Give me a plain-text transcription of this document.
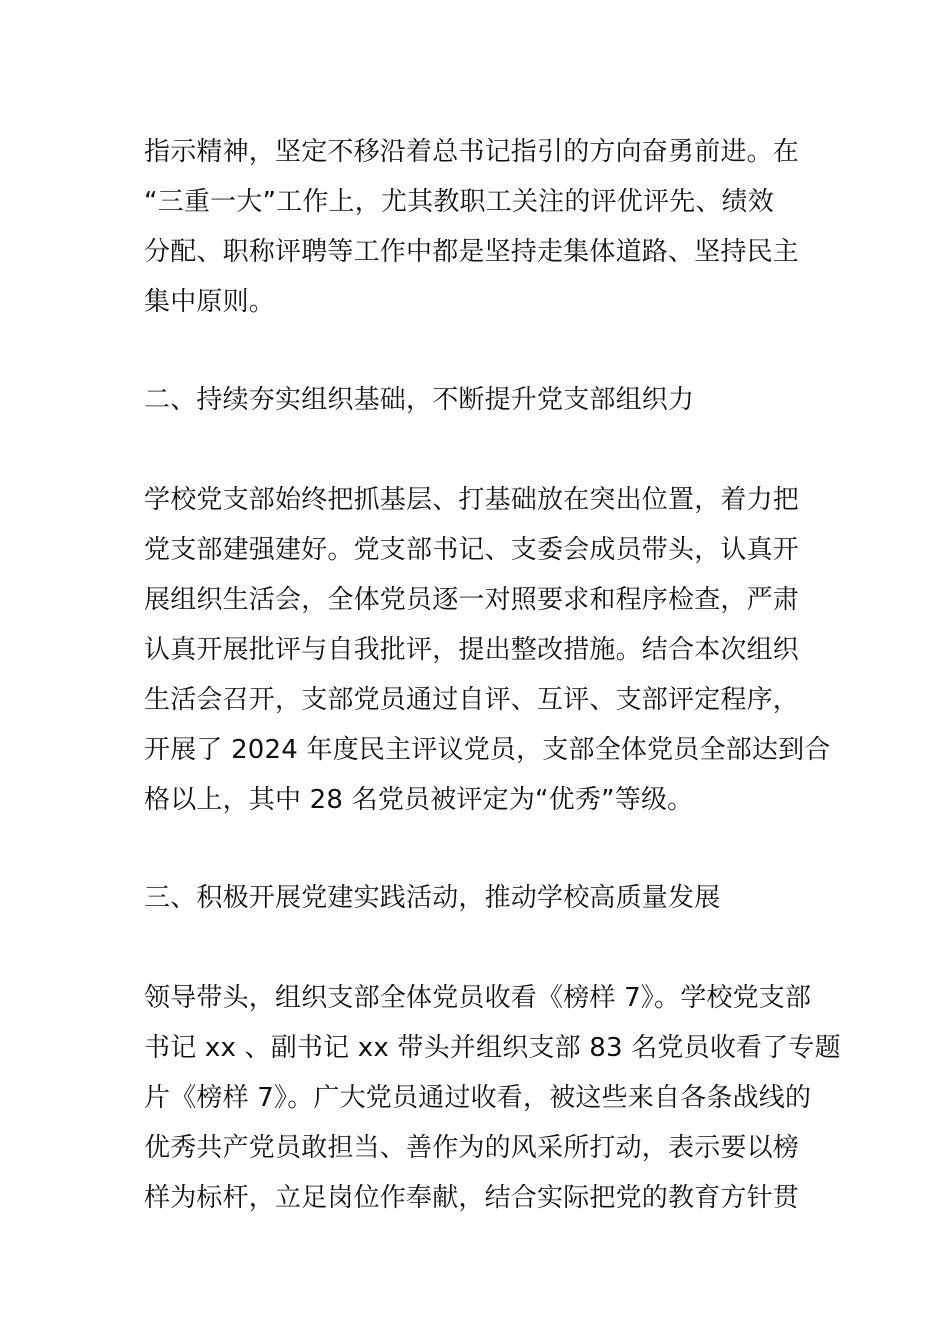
指示精神，坚定不移沿着总书记指引的方向奋勇前进。在
“三重一大”工作上，尤其教职工关注的评优评先、绩效
分配、职称评聘等工作中都是坚持走集体道路、坚持民主
集中原则。
二、持续夯实组织基础，不断提升党支部组织力
学校党支部始终把抓基层、打基础放在突出位置，着力把
党支部建强建好。党支部书记、支委会成员带头，认真开
展组织生活会，全体党员逐一对照要求和程序检查，严肃
认真开展批评与自我批评，提出整改措施。结合本次组织
生活会召开，支部党员通过自评、互评、支部评定程序，
开展了 2024 年度民主评议党员，支部全体党员全部达到合
格以上，其中 28 名党员被评定为“优秀”等级。
三、积极开展党建实践活动，推动学校高质量发展
领导带头，组织支部全体党员收看《榜样 7》。学校党支部
书记 xx 、副书记 xx 带头并组织支部 83 名党员收看了专题
片《榜样 7》。广大党员通过收看，被这些来自各条战线的
优秀共产党员敢担当、善作为的风采所打动，表示要以榜
样为标杆，立足岗位作奉献，结合实际把党的教育方针贯
